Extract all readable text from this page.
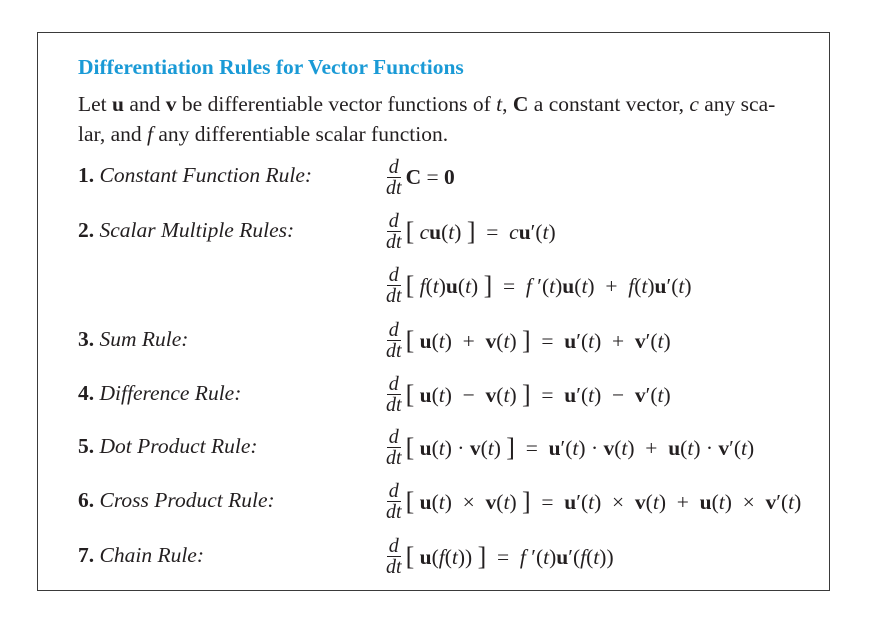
Differentiation Rules for Vector Functions
Let u and v be differentiable vector functions of t, C a constant vector, c any sca-
lar, and f any differentiable scalar function.
1. Constant Function Rule:	$\frac{d}{dt}$ C = 0
2. Scalar Multiple Rules:	$\frac{d}{dt}$ [ cu(t) ]  =  cu′(t)
$\frac{d}{dt}$ [ f(t)u(t) ]  =  f ′(t)u(t)  +  f(t)u′(t)
3. Sum Rule:	$\frac{d}{dt}$ [ u(t)  +  v(t) ]  =  u′(t)  +  v′(t)
4. Difference Rule:	$\frac{d}{dt}$ [ u(t)  −  v(t) ]  =  u′(t)  −  v′(t)
5. Dot Product Rule:	$\frac{d}{dt}$ [ u(t) · v(t) ]  =  u′(t) · v(t)  +  u(t) · v′(t)
6. Cross Product Rule:	$\frac{d}{dt}$ [ u(t)  ×  v(t) ]  =  u′(t)  ×  v(t)  +  u(t)  ×  v′(t)
7. Chain Rule:	$\frac{d}{dt}$ [ u(f(t)) ]  =  f ′(t)u′(f(t))
